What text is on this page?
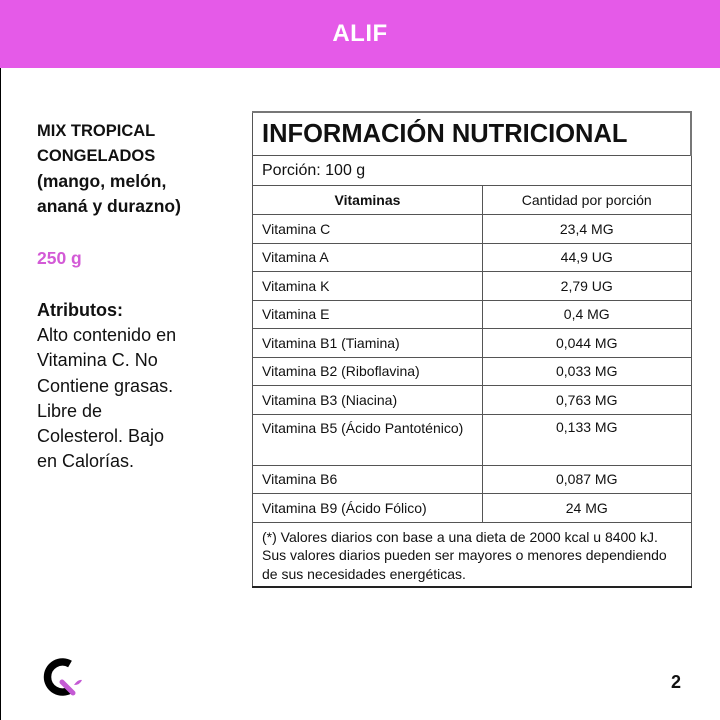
ALIF
MIX TROPICAL
CONGELADOS
(mango, melón,
ananá y durazno)
250 g
Atributos:
Alto contenido en
Vitamina C. No
Contiene grasas.
Libre de
Colesterol. Bajo
en Calorías.
INFORMACIÓN NUTRICIONAL	
Porción: 100 g	
Vitaminas	Cantidad por porción
Vitamina C	23,4 MG
Vitamina A	44,9 UG
Vitamina K	2,79 UG
Vitamina E	0,4 MG
Vitamina B1 (Tiamina)	0,044 MG
Vitamina B2 (Riboflavina)	0,033 MG
Vitamina B3 (Niacina)	0,763 MG
Vitamina B5 (Ácido Pantoténico)	0,133 MG
Vitamina B6	0,087 MG
Vitamina B9 (Ácido Fólico)	24 MG
(*) Valores diarios con base a una dieta de 2000 kcal u 8400 kJ. Sus valores diarios pueden ser mayores o menores dependiendo de sus necesidades energéticas.	
2
